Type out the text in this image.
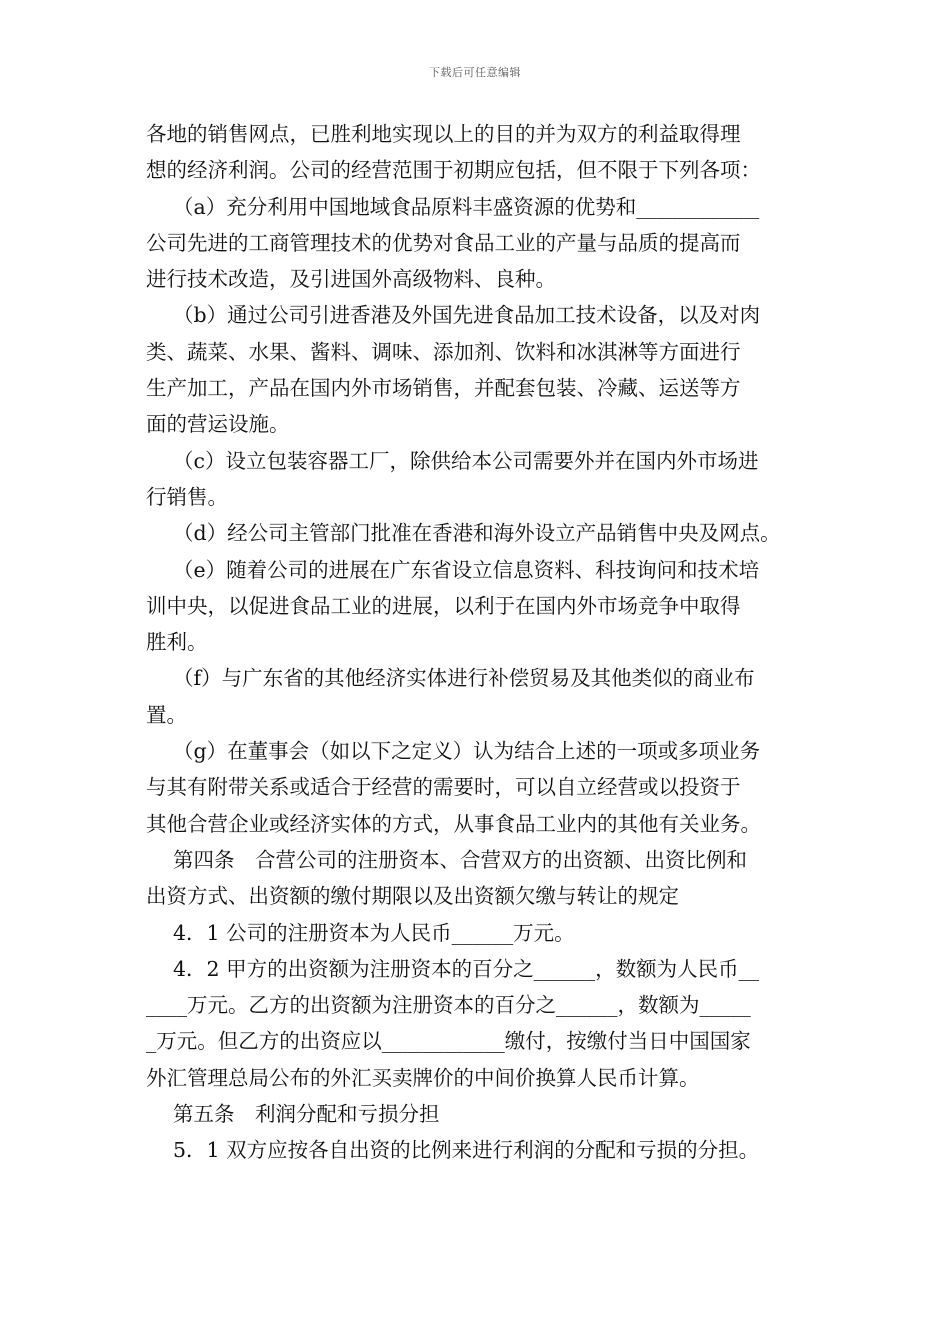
下载后可任意编辑
各地的销售网点，已胜利地实现以上的目的并为双方的利益取得理
想的经济利润。公司的经营范围于初期应包括，但不限于下列各项：
（a）充分利用中国地域食品原料丰盛资源的优势和____________
公司先进的工商管理技术的优势对食品工业的产量与品质的提高而
进行技术改造，及引进国外高级物料、良种。
（b）通过公司引进香港及外国先进食品加工技术设备，以及对肉
类、蔬菜、水果、酱料、调味、添加剂、饮料和冰淇淋等方面进行
生产加工，产品在国内外市场销售，并配套包装、冷藏、运送等方
面的营运设施。
（c）设立包装容器工厂，除供给本公司需要外并在国内外市场进
行销售。
（d）经公司主管部门批准在香港和海外设立产品销售中央及网点。
（e）随着公司的进展在广东省设立信息资料、科技询问和技术培
训中央，以促进食品工业的进展，以利于在国内外市场竞争中取得
胜利。
（f）与广东省的其他经济实体进行补偿贸易及其他类似的商业布
置。
（g）在董事会（如以下之定义）认为结合上述的一项或多项业务
与其有附带关系或适合于经营的需要时，可以自立经营或以投资于
其他合营企业或经济实体的方式，从事食品工业内的其他有关业务。
第四条　合营公司的注册资本、合营双方的出资额、出资比例和
出资方式、出资额的缴付期限以及出资额欠缴与转让的规定
4．1 公司的注册资本为人民币______万元。
4．2 甲方的出资额为注册资本的百分之______，数额为人民币__
____万元。乙方的出资额为注册资本的百分之______，数额为_____
_万元。但乙方的出资应以____________缴付，按缴付当日中国国家
外汇管理总局公布的外汇买卖牌价的中间价换算人民币计算。
第五条　利润分配和亏损分担
5．1 双方应按各自出资的比例来进行利润的分配和亏损的分担。
